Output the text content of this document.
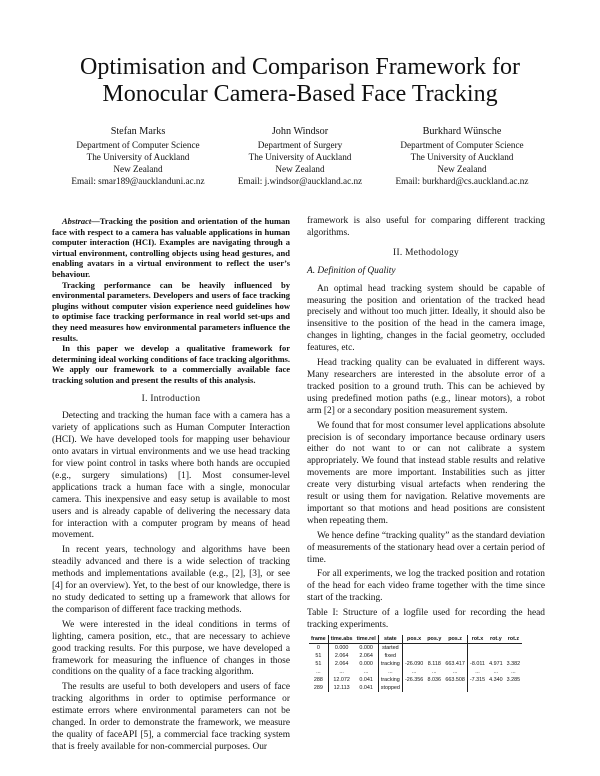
Optimisation and Comparison Framework for
Monocular Camera-Based Face Tracking
Stefan Marks
Department of Computer Science
The University of Auckland
New Zealand
Email: smar189@aucklanduni.ac.nz
John Windsor
Department of Surgery
The University of Auckland
New Zealand
Email: j.windsor@auckland.ac.nz
Burkhard Wünsche
Department of Computer Science
The University of Auckland
New Zealand
Email: burkhard@cs.auckland.ac.nz

Abstract—Tracking the position and orientation of the human face with respect to a camera has valuable applications in human computer interaction (HCI). Examples are navigating through a virtual environment, controlling objects using head gestures, and enabling avatars in a virtual environment to reflect the user’s behaviour.

Tracking performance can be heavily influenced by environmental parameters. Developers and users of face tracking plugins without computer vision experience need guidelines how to optimise face tracking performance in real world set-ups and they need measures how environmental parameters influence the results.

In this paper we develop a qualitative framework for determining ideal working conditions of face tracking algorithms. We apply our framework to a commercially available face tracking solution and present the results of this analysis.

I. Introduction

Detecting and tracking the human face with a camera has a variety of applications such as Human Computer Interaction (HCI). We have developed tools for mapping user behaviour onto avatars in virtual environments and we use head tracking for view point control in tasks where both hands are occupied (e.g., surgery simulations) [1]. Most consumer-level applications track a human face with a single, monocular camera. This inexpensive and easy setup is available to most users and is already capable of delivering the necessary data for interaction with a computer program by means of head movement.

In recent years, technology and algorithms have been steadily advanced and there is a wide selection of tracking methods and implementations available (e.g., [2], [3], or see [4] for an overview). Yet, to the best of our knowledge, there is no study dedicated to setting up a framework that allows for the comparison of different face tracking methods.

We were interested in the ideal conditions in terms of lighting, camera position, etc., that are necessary to achieve good tracking results. For this purpose, we have developed a framework for measuring the influence of changes in those conditions on the quality of a face tracking algorithm.

The results are useful to both developers and users of face tracking algorithms in order to optimise performance or estimate errors where environmental parameters can not be changed. In order to demonstrate the framework, we measure the quality of faceAPI [5], a commercial face tracking system that is freely available for non-commercial purposes. Our

framework is also useful for comparing different tracking algorithms.

II. Methodology
A. Definition of Quality

An optimal head tracking system should be capable of measuring the position and orientation of the tracked head precisely and without too much jitter. Ideally, it should also be insensitive to the position of the head in the camera image, changes in lighting, changes in the facial geometry, occluded features, etc.

Head tracking quality can be evaluated in different ways. Many researchers are interested in the absolute error of a tracked position to a ground truth. This can be achieved by using predefined motion paths (e.g., linear motors), a robot arm [2] or a secondary position measurement system.

We found that for most consumer level applications absolute precision is of secondary importance because ordinary users either do not want to or can not calibrate a system appropriately. We found that instead stable results and relative movements are more important. Instabilities such as jitter create very disturbing visual artefacts when rendering the result or using them for navigation. Relative movements are important so that motions and head positions are consistent when repeating them.

We hence define “tracking quality” as the standard deviation of measurements of the stationary head over a certain period of time.

For all experiments, we log the tracked position and rotation of the head for each video frame together with the time since start of the tracking.

Table I: Structure of a logfile used for recording the head tracking experiments.

frame	time.abs	time.rel	state	pos.x	pos.y	pos.z	rot.x	rot.y	rot.z
0	0.000	0.000	started						
51	2.064	2.064	fixed						
51	2.064	0.000	tracking	-26.090	8.118	663.417	-8.011	4.971	3.382
...	...	...	...	...	...	...	...	...	...
288	12.072	0.041	tracking	-26.356	8.036	663.508	-7.315	4.340	3.285
289	12.113	0.041	stopped						
